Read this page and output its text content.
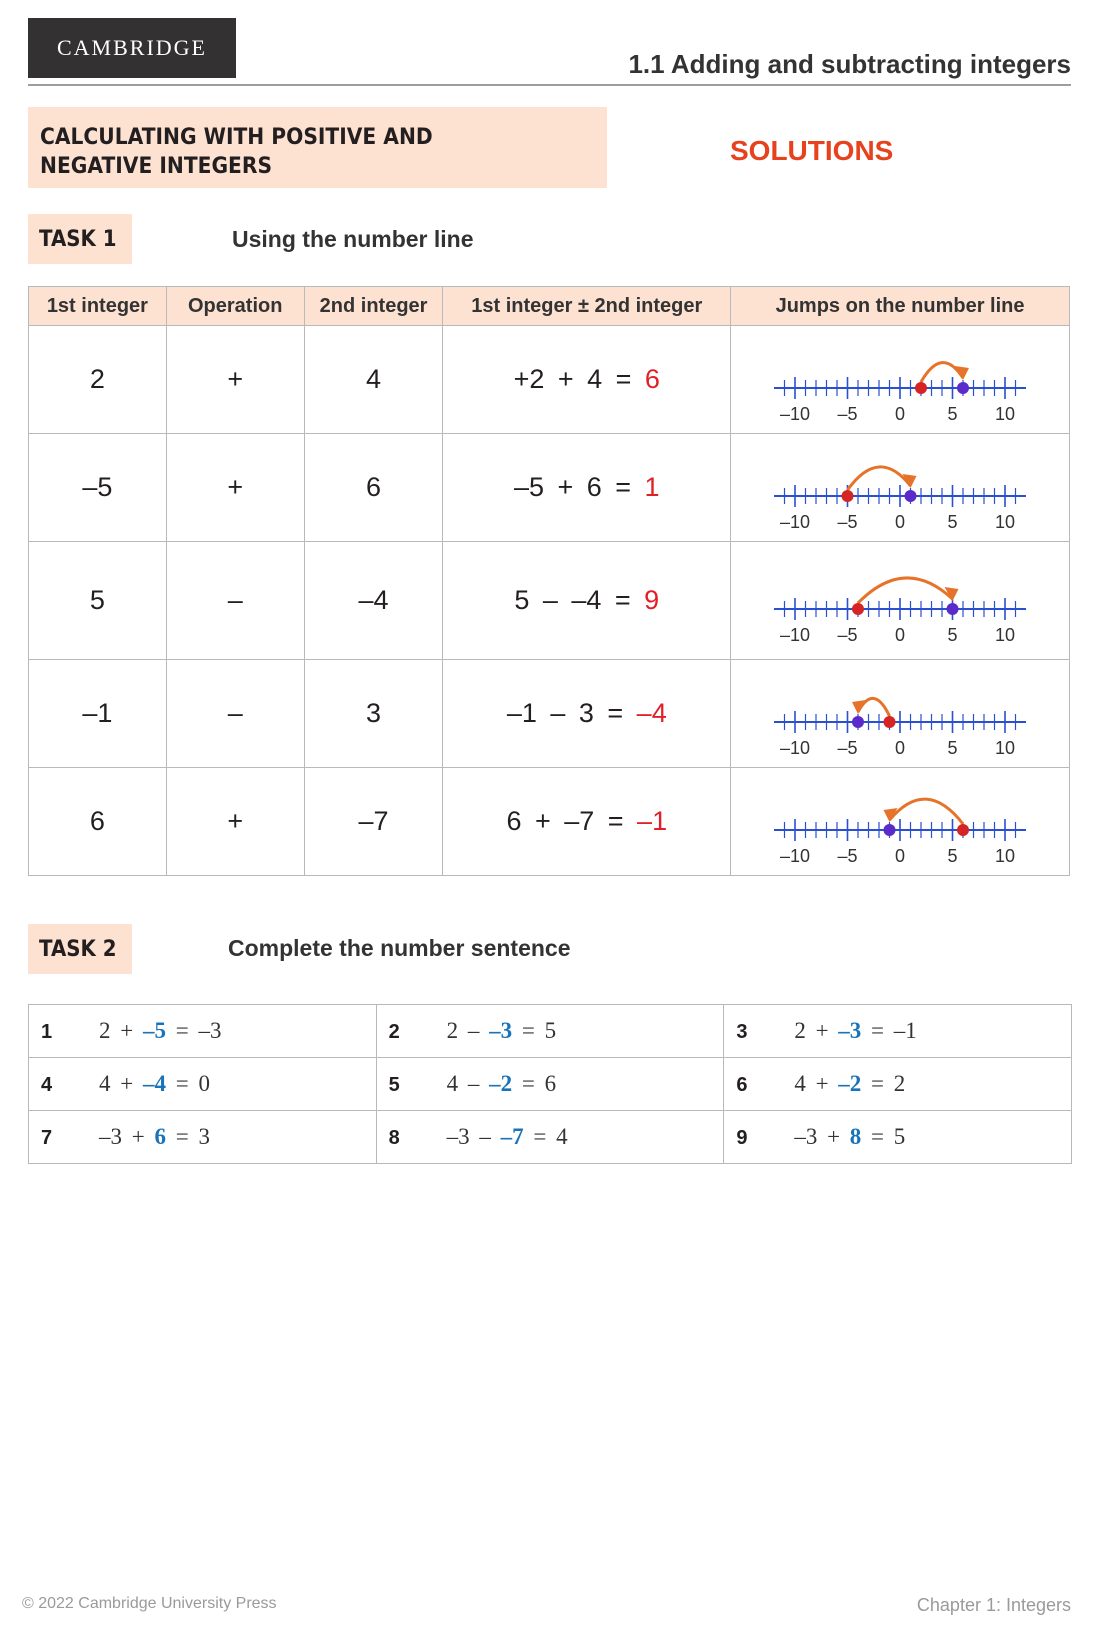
CAMBRIDGE
1.1 Adding and subtracting integers
CALCULATING WITH POSITIVE AND
NEGATIVE INTEGERS
SOLUTIONS
TASK 1	Using the number line
1st integer	Operation	2nd integer	1st integer ± 2nd integer	Jumps on the number line
2	+	4	+2 + 4 = 6	–10 –5 0 5 10

–5	+	6	–5 + 6 = 1	–10 –5 0 5 10

5	–	–4	5 – –4 = 9	–10 –5 0 5 10

–1	–	3	–1 – 3 = –4	–10 –5 0 5 10

6	+	–7	6 + –7 = –1	–10 –5 0 5 10
TASK 2	Complete the number sentence
1 2 + –5 = –3	2 2 – –3 = 5	3 2 + –3 = –1
4 4 + –4 = 0	5 4 – –2 = 6	6 4 + –2 = 2
7 –3 + 6 = 3	8 –3 – –7 = 4	9 –3 + 8 = 5
© 2022 Cambridge University Press	Chapter 1: Integers
